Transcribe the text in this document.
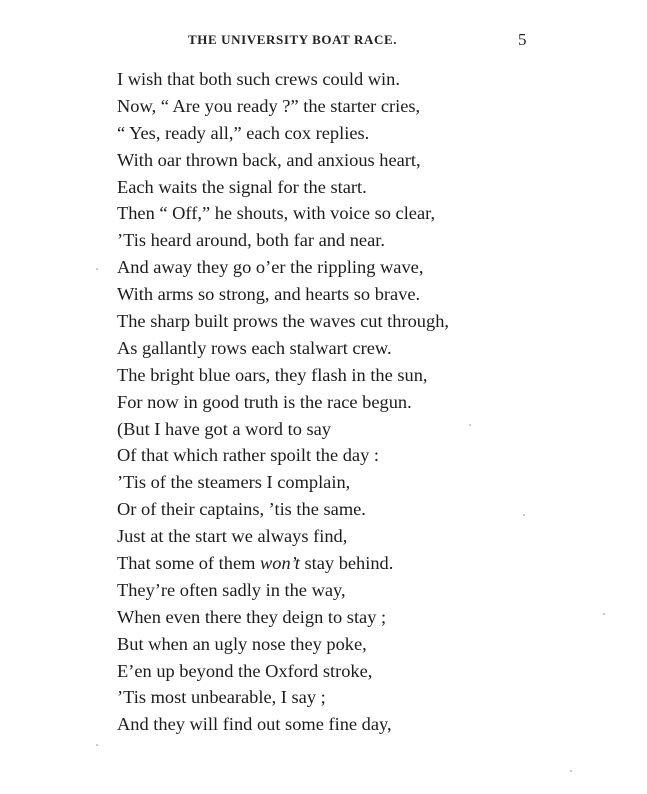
THE UNIVERSITY BOAT RACE.	5
I wish that both such crews could win.
Now, “ Are you ready ?” the starter cries,
“ Yes, ready all,” each cox replies.
With oar thrown back, and anxious heart,
Each waits the signal for the start.
Then “ Off,” he shouts, with voice so clear,
’Tis heard around, both far and near.
And away they go o’er the rippling wave,
With arms so strong, and hearts so brave.
The sharp built prows the waves cut through,
As gallantly rows each stalwart crew.
The bright blue oars, they flash in the sun,
For now in good truth is the race begun.
(But I have got a word to say
Of that which rather spoilt the day :
’Tis of the steamers I complain,
Or of their captains, ’tis the same.
Just at the start we always find,
That some of them won’t stay behind.
They’re often sadly in the way,
When even there they deign to stay ;
But when an ugly nose they poke,
E’en up beyond the Oxford stroke,
’Tis most unbearable, I say ;
And they will find out some fine day,
